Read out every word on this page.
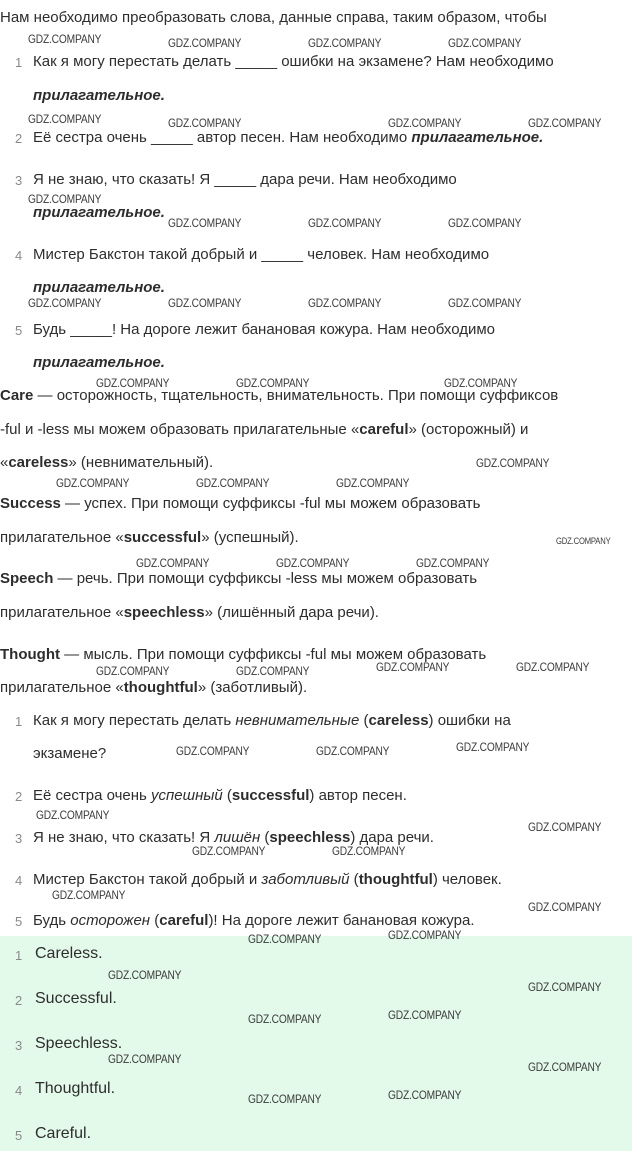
Нам необходимо преобразовать слова, данные справа, таким образом, чтобы
1 Как я могу перестать делать _____ ошибки на экзамене? Нам необходимо
прилагательное.
2 Её сестра очень _____ автор песен. Нам необходимо прилагательное.
3 Я не знаю, что сказать! Я _____ дара речи. Нам необходимо
прилагательное.
4 Мистер Бакстон такой добрый и _____ человек. Нам необходимо
прилагательное.
5 Будь _____! На дороге лежит банановая кожура. Нам необходимо
прилагательное.
Care — осторожность, тщательность, внимательность. При помощи суффиксов
-ful и -less мы можем образовать прилагательные «careful» (осторожный) и
«careless» (невнимательный).
Success — успех. При помощи суффиксы -ful мы можем образовать
прилагательное «successful» (успешный).
Speech — речь. При помощи суффиксы -less мы можем образовать
прилагательное «speechless» (лишённый дара речи).
Thought — мысль. При помощи суффиксы -ful мы можем образовать
прилагательное «thoughtful» (заботливый).
1 Как я могу перестать делать невнимательные (careless) ошибки на
экзамене?
2 Её сестра очень успешный (successful) автор песен.
3 Я не знаю, что сказать! Я лишён (speechless) дара речи.
4 Мистер Бакстон такой добрый и заботливый (thoughtful) человек.
5 Будь осторожен (careful)! На дороге лежит банановая кожура.
1 Careless.
2 Successful.
3 Speechless.
4 Thoughtful.
5 Careful.
GDZ.COMPANY	GDZ.COMPANY	GDZ.COMPANY	GDZ.COMPANY
GDZ.COMPANY	GDZ.COMPANY	GDZ.COMPANY	GDZ.COMPANY
GDZ.COMPANY
GDZ.COMPANY	GDZ.COMPANY	GDZ.COMPANY
GDZ.COMPANY	GDZ.COMPANY	GDZ.COMPANY	GDZ.COMPANY
GDZ.COMPANY	GDZ.COMPANY	GDZ.COMPANY
GDZ.COMPANY
GDZ.COMPANY	GDZ.COMPANY	GDZ.COMPANY
GDZ.COMPANY
GDZ.COMPANY	GDZ.COMPANY	GDZ.COMPANY
GDZ.COMPANY	GDZ.COMPANY
GDZ.COMPANY	GDZ.COMPANY
GDZ.COMPANY
GDZ.COMPANY	GDZ.COMPANY
GDZ.COMPANY
GDZ.COMPANY
GDZ.COMPANY	GDZ.COMPANY
GDZ.COMPANY
GDZ.COMPANY
GDZ.COMPANY	GDZ.COMPANY
GDZ.COMPANY
GDZ.COMPANY
GDZ.COMPANY	GDZ.COMPANY
GDZ.COMPANY
GDZ.COMPANY
GDZ.COMPANY	GDZ.COMPANY
